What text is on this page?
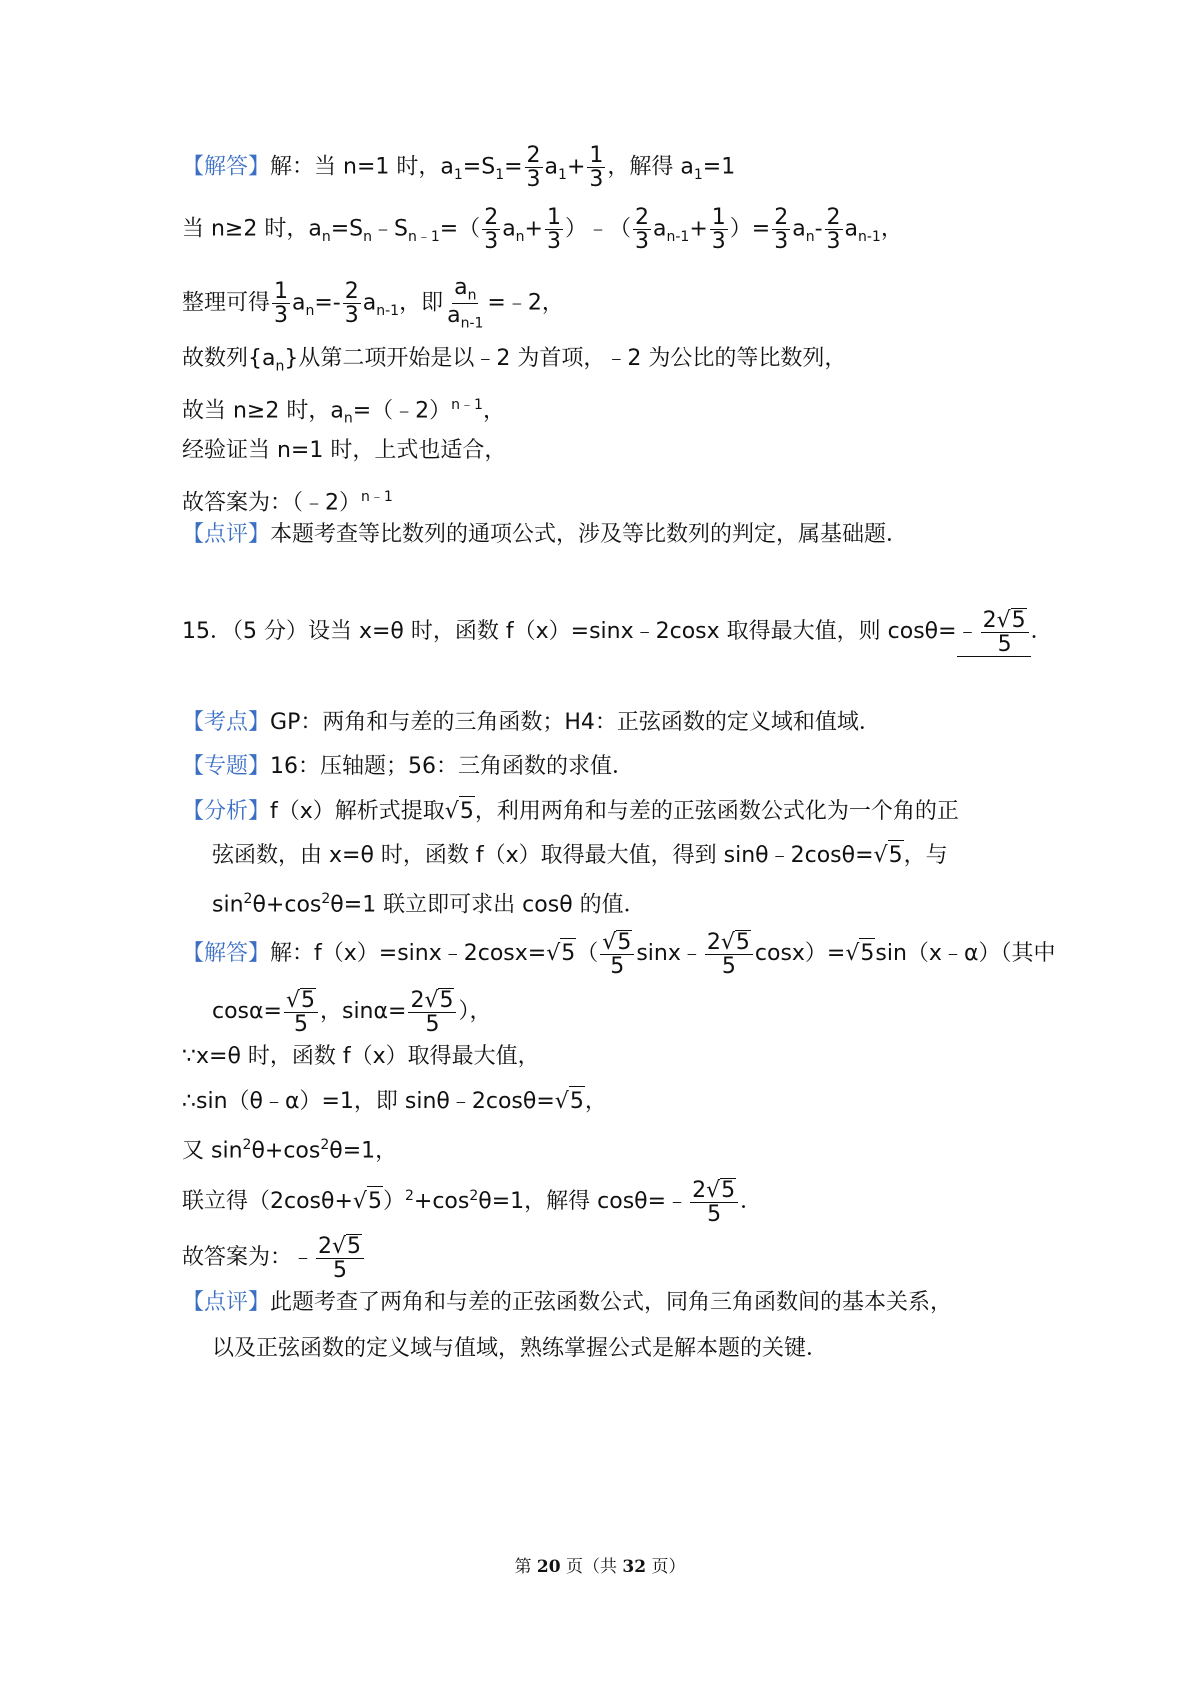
【解答】解：当 n=1 时，$a_1=S_1= \frac{2}{3} a_1+ \frac{1}{3}$ ，解得 $a_1=1$
当 n≥2 时，$a_n=S_n﹣S_{n﹣1}=( \frac{2}{3} a_n+ \frac{1}{3}$ ）﹣（ $\frac{2}{3} a_{n-1}+ \frac{1}{3}$ ）= $\frac{2}{3} a_n- \frac{2}{3} a_{n-1}$，
整理可得 $\frac{1}{3} a_n=- \frac{2}{3} a_{n-1}$，即 $\frac{a_n}{a_{n-1}}$ =﹣2，
故数列$\{a_n\}$从第二项开始是以﹣2 为首项，﹣2 为公比的等比数列，
故当 n≥2 时，$a_n=(﹣2)^{n﹣1}$，
经验证当 n=1 时，上式也适合，
故答案为：（﹣2）$^{n﹣1}$
【点评】本题考查等比数列的通项公式，涉及等比数列的判定，属基础题．
15．（5 分）设当 x=θ 时，函数 f（x）=sinx﹣2cosx 取得最大值，则 cosθ=﹣ $\frac{2 √ 5}{5}$ ．
【考点】GP：两角和与差的三角函数；H4：正弦函数的定义域和值域．
【专题】16：压轴题；56：三角函数的求值．
【分析】f（x）解析式提取 √ 5 ，利用两角和与差的正弦函数公式化为一个角的正
弦函数，由 x=θ 时，函数 f（x）取得最大值，得到 sinθ﹣2cosθ= √ 5 ，与
$\sin^2\theta+\cos^2\theta=1$ 联立即可求出 cosθ 的值．
【解答】解：f（x）=sinx﹣2cosx= √ 5 （ $\frac{√ 5}{5}$ sinx﹣ $\frac{2 √ 5}{5} \cos x)=$ √ 5 sin（x﹣α）（其中
$\cos\alpha= \frac{√ 5}{5}$ ，$\sin\alpha= \frac{2 √ 5}{5}$ ），
∵x=θ 时，函数 f（x）取得最大值，
∴sin（θ﹣α）=1，即 sinθ﹣2cosθ= √ 5 ，
又 $\sin^2\theta+\cos^2\theta=1$，
联立得（2cosθ+ √ 5 ）$^2+\cos^2\theta=1$，解得 cosθ=﹣ $\frac{2 √ 5}{5}$ ．
故答案为：﹣ $\frac{2 √ 5}{5}$
【点评】此题考查了两角和与差的正弦函数公式，同角三角函数间的基本关系，
以及正弦函数的定义域与值域，熟练掌握公式是解本题的关键．
第 20 页（共 32 页）
